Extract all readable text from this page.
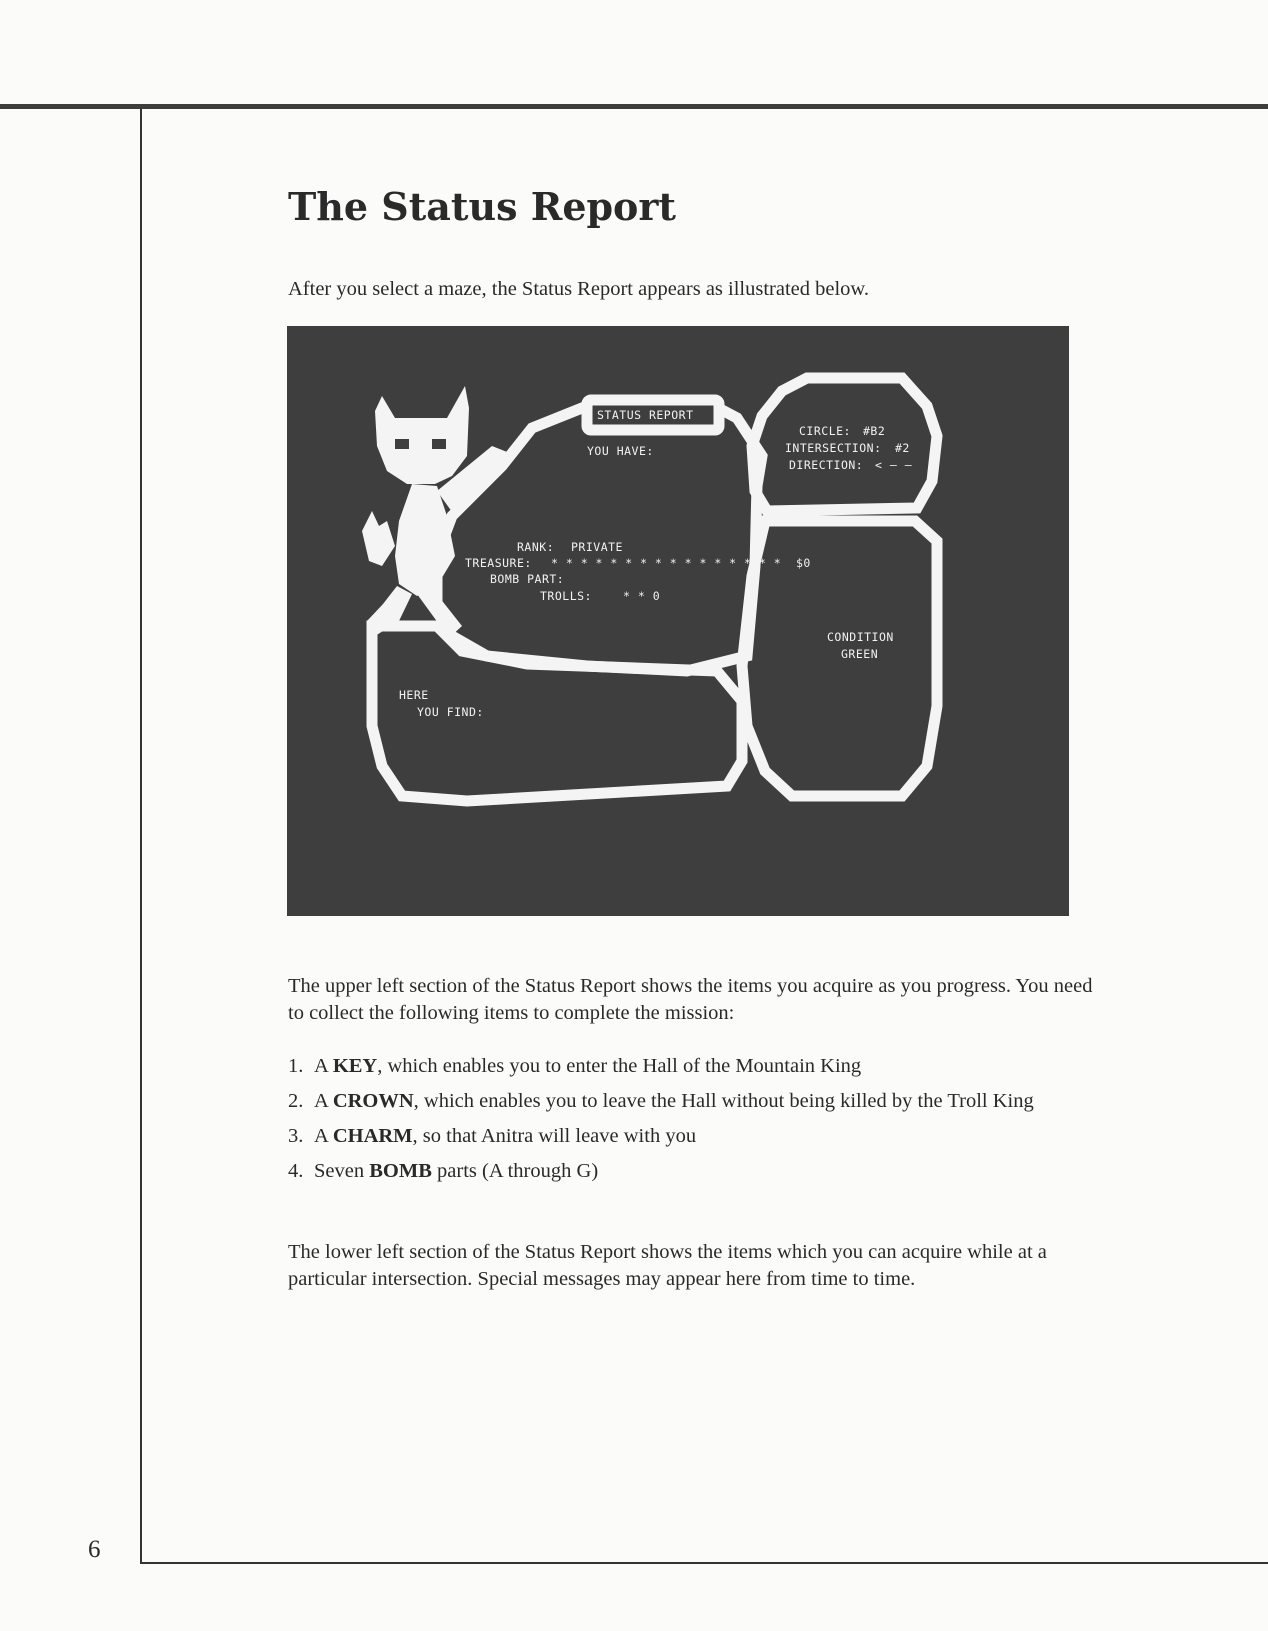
The Status Report

After you select a maze, the Status Report appears as illustrated below.

STATUS REPORT
YOU HAVE:
CIRCLE: #B2
INTERSECTION: #2
DIRECTION: < — —
RANK: PRIVATE
TREASURE: * * * * * * * * * * * * * * * *  $0
BOMB PART:
TROLLS:	* * 0
CONDITION
GREEN
HERE
YOU FIND:

The upper left section of the Status Report shows the items you acquire as you progress. You need to collect the following items to complete the mission:

1. A KEY, which enables you to enter the Hall of the Mountain King
2. A CROWN, which enables you to leave the Hall without being killed by the Troll King
3. A CHARM, so that Anitra will leave with you
4. Seven BOMB parts (A through G)

The lower left section of the Status Report shows the items which you can acquire while at a particular intersection. Special messages may appear here from time to time.

6
